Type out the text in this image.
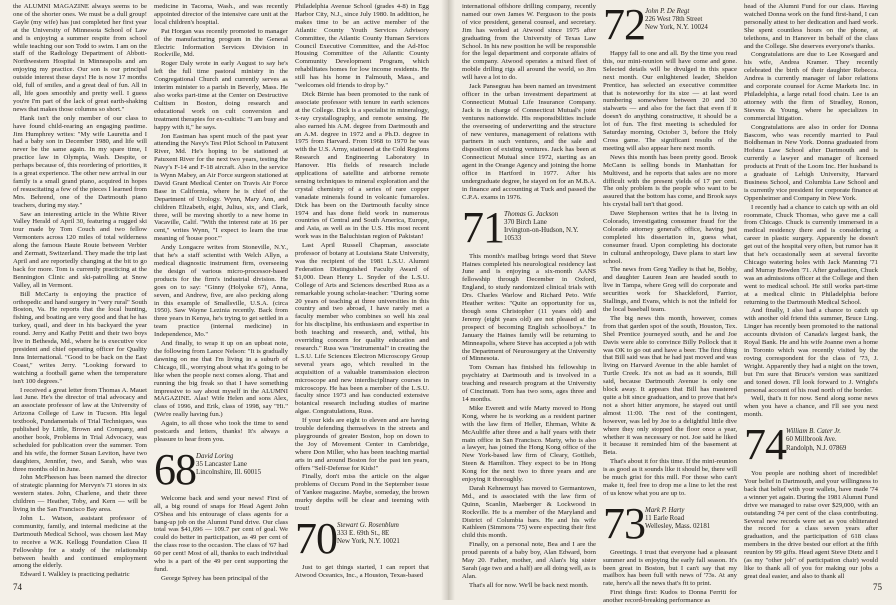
the ALUMNI MAGAZINE always seems to be one of the shorter ones. We must be a dull group! Gayle (my wife) has just completed her first year at the University of Minnesota School of Law and is enjoying a summer respite from school while teaching our son Todd to swim. I am on the staff of the Radiology Department of Abbott-Northwestern Hospital in Minneapolis and am enjoying my practice. Our son is our principal outside interest these days! He is now 17 months old, full of smiles, and a great deal of fun. All in all, life goes smoothly and pretty well. I guess you're I'm part of the lack of great earth-shaking news that makes those columns so short."

Hank isn't the only member of our class to have found child-rearing an engaging pastime. Jim Humphrey writes: "My wife Lauretta and I had a baby son in December 1980, and life will never be the same again. In my spare time, I practice law in Olympia, Wash. Despite, or perhaps because of, this reordering of priorities, it is a great experience. The other new arrival in our family is a small grand piano, acquired in hopes of resuscitating a few of the pieces I learned from Mrs. Behrend, one of the Dartmouth piano teachers, during my stay."

Saw an interesting article in the White River Valley Herald of April 30, featuring a rugged ski tour made by Tom Couch and two fellow Vermonters across 120 miles of total wilderness along the famous Haute Route between Verbier and Zermatt, Switzerland. They made the trip last April and are reportedly changing at the bit to go back for more. Tom is currently practicing at the Bennington Clinic and ski-patrolling at Snow Valley, all in Vermont.

Bill McCarty is enjoying the practice of orthopedic and hand surgery in "very rural" South Boston, Va. He reports that the local hunting, fishing, and boating are very good and that he has turkey, quail, and deer in his backyard the year round. Jerry and Kathy Petitt and their two boys live in Bethesda, Md., where he is executive vice president and chief operating officer for Quality Inns International. "Good to be back on the East Coast," writes Jerry. "Looking forward to watching a football game when the temperature isn't 100 degrees."

I received a great letter from Thomas A. Mauet last June. He's the director of trial advocacy and an associate professor of law at the University of Arizona College of Law in Tucson. His legal textbook, Fundamentals of Trial Techniques, was published by Little, Brown and Company, and another book, Problems in Trial Advocacy, was scheduled for publication over the summer. Tom and his wife, the former Susan Leviton, have two daughters, Jennifer, two, and Sarah, who was three months old in June.

John McPheeson has been named the director of strategic planning for Mervyn's 71 stores in six western states. John, Charlene, and their three children — Heather, Toby, and Kern — will be living in the San Francisco Bay area.

John L. Watson, assistant professor of community, family, and internal medicine at the Dartmouth Medical School, was chosen last May to receive a W.K. Kellogg Foundation Class II Fellowship for a study of the relationship between health and continued employment among the elderly.

Edward I. Walkley is practicing pediatric

medicine in Tacoma, Wash., and was recently appointed director of the intensive care unit at the local children's hospital.

Pat Horgan was recently promoted to manager of the manufacturing program in the General Electric Information Services Division in Rockville, Md.

Roger Daly wrote in early August to say he's left the full time pastoral ministry in the Congregational Church and currently serves as interim minister to a parish in Beverly, Mass. He also works part-time at the Center on Destructive Cultism in Boston, doing research and educational work on cult conversion and treatment therapies for ex-cultists: "I am busy and happy with it," he says.

Jon Eastman has spent much of the past year attending the Navy's Test Pilot School in Patuxent River, Md. He's hoping to be stationed at Patuxent River for the next two years, testing the Navy's F-14 and F-18 aircraft. Also in the service is Wynn Mabey, an Air Force surgeon stationed at David Grant Medical Center on Travis Air Force Base in California, where he is chief of the Department of Urology. Wynn, Mary Ann, and children Elizabeth, eight, Julius, six, and Clark, three, will be moving shortly to a new home in Vacaville, Calif. "With the interest rate at 16 per cent," writes Wynn, "I expect to learn the true meaning of 'house poor.'"

Andy Longacre writes from Stoneville, N.Y., that he's a staff scientist with Welch Allyn, a medical diagnostic instrument firm, overseeing the design of various micro-processor-based products for the firm's industrial division. He goes on to say: "Ginny (Holyoke 67), Anna, seven, and Andrew, five, are also pecking along in this example of Smallsville, U.S.A. (circa 1950). Saw Wayne Lezinia recently. Back from three years in Kenya, he's trying to get settled in a team practice (internal medicine) in Independence, Mo."

And finally, to wrap it up on an upbeat note, the following from Lance Nelson: "It is gradually dawning on me that I'm living in a suburb of Chicago, Ill., worrying about what it's going to be like when the people next comes along. That and running the big freak so that I have something impressive to say about myself in the ALUMNI MAGAZINE. Alas! Wife Helen and sons Alex, class of 1996, and Erik, class of 1998, say "Hi." (We're really having fun.)

Again, to all those who took the time to send postcards and letters, thanks! It's always a pleasure to hear from you.

68 David Loring
35 Lancaster Lane
Lincolnshire, Ill. 60015

Welcome back and send your news! First of all, a big round of snaps for Head Agent John O'Shea and his entourage of class agents for a bang-up job on the Alumni Fund drive. Our class total was $41,696 — 109.7 per cent of goal. We could do better in participation, as 49 per cent of the class rose to the occasion. The class of '67 had 60 per cent! Most of all, thanks to each individual who is a part of the 49 per cent supporting the fund.

George Spivey has been principal of the

Philadelphia Avenue School (grades 4-8) in Egg Harbor City, N.J., since July 1980. In addition, he makes time to be an active member of the Atlantic County Youth Services Advisory Committee, the Atlantic County Human Services Council Executive Committee, and the Ad-Hoc Housing Committee of the Atlantic County Community Development Program, which rehabilitates homes for low income residents. He still has his home in Falmouth, Mass., and "welcomes old friends to drop by."

Dick Birnie has been promoted to the rank of associate professor with tenure in earth sciences at the College. Dick is a specialist in mineralogy, x-ray crystallography, and remote sensing. He also earned his A.M. degree from Dartmouth and an A.M. degree in 1972 and a Ph.D. degree in 1975 from Harvard. From 1968 to 1970 he was with the U.S. Army, stationed at the Cold Regions Research and Engineering Laboratory in Hanover. His fields of research include applications of satellite and airborne remote sensing techniques to mineral exploration and the crystal chemistry of a series of rare copper vanadate minerals found in volcanic fumaroles. Dick has been on the Dartmouth faculty since 1974 and has done field work in numerous countries of Central and South America, Europe, and Asia, as well as in the U.S. His most recent work was in the Baluchistan region of Pakistan!

Last April Russell Chapman, associate professor of botany at Louisiana State University, was the recipient of the 1981 L.S.U. Alumni Federation Distinguished Faculty Award of $1,000. Dean Henry L. Snyder of the L.S.U. College of Arts and Sciences described Russ as a remarkable young scholar-teacher: "During some 20 years of teaching at three universities in this country and two abroad, I have rarely met a faculty member who combines so well his zeal for his discipline, his enthusiasm and expertise in both teaching and research, and, withal, his overriding concern for quality education and research." Russ was "instrumental" in creating the L.S.U. Life Sciences Electron Microscopy Group several years ago, which resulted in the acquisition of a valuable transmission electron microscope and new interdisciplinary courses in microscopy. He has been a member of the L.S.U. faculty since 1973 and has conducted extensive botanical research including studies of marine algae. Congratulations, Russ.

If your kids are eight to eleven and are having trouble defending themselves in the streets and playgrounds of greater Boston, hop on down to the Joy of Movement Center in Cambridge, where Don Miller, who has been teaching martial arts in and around Boston for the past ten years, offers "Self-Defense for Kids!"

Finally, don't miss the article on the algae problems of Occum Pond in the September issue of Yankee magazine. Maybe, someday, the brown murky depths will be clear and teeming with trout!

70 Stewart G. Rosenblum
333 E. 69th St., 8E
New York, N.Y. 10021

Just to get things started, I can report that Atwood Oceanics, Inc., a Houston, Texas-based

74

international offshore drilling company, recently named our own James W. Ferguson to the posts of vice president, general counsel, and secretary. Jim has worked at Atwood since 1975 after graduating from the University of Texas Law School. In his new position he will be responsible for the legal department and corporate affairs of the company. Atwood operates a mixed fleet of mobile drilling rigs all around the world, so Jim will have a lot to do.

Jack Pansegrau has been named an investment officer in the urban investment department at Connecticut Mutual Life Insurance Company. Jack is in charge of Connecticut Mutual's joint ventures nationwide. His responsibilities include the overseeing of underwriting and the structure of new ventures, management of relations with partners in such ventures, and the sale and disposition of existing ventures. Jack has been at Connecticut Mutual since 1972, starting as an agent in the Orange Agency and joining the home office in Hartford in 1977. After his undergraduate degree, he stayed on for an M.B.A. in finance and accounting at Tuck and passed the C.P.A. exams in 1976.

71 Thomas G. Jackson
370 Birch Lane
Irvington-on-Hudson, N.Y. 10533

This month's mailbag brings word that Steve Haines completed his neurological residency last June and is enjoying a six-month AANS fellowship through December in Oxford, England, to study randomized clinical trials with Drs. Charles Warlow and Richard Peto. Wife Heather writes: "Quite an opportunity for us, though sons Christopher (11 years old) and Jeremy (eight years old) are not pleased at the prospect of becoming English schoolboys." In January the Haines family will be returning to Minneapolis, where Steve has accepted a job with the Department of Neurosurgery at the University of Minnesota.

Tom Osman has finished his fellowship in psychiatry at Dartmouth and is involved in a teaching and research program at the University of Cincinnati. Tom has two sons, ages three and 14 months.

Mike Everett and wife Marty moved to Hong Kong, where he is working as a resident partner with the law firm of Heller, Ehrman, White & McAuliffe after three and a half years with their main office in San Francisco. Marty, who is also a lawyer, has joined the Hong Kong office of the New York-based law firm of Cleary, Gottlieb, Steen & Hamilton. They expect to be in Hong Kong for the next two to three years and are enjoying it thoroughly.

Darah Kehnemuyi has moved to Germantown, Md., and is associated with the law firm of Quinn, Scanlin, Maeberger & Lockwood in Rockville. He is a member of the Maryland and District of Columbia bars. He and his wife Kathleen (Simmons '75) were expecting their first child this month.

Finally, on a personal note, Bea and I are the proud parents of a baby boy, Alan Edward, born May 20. Father, mother, and Alan's big sister Sarah (age two and a half) are all doing well, as is Alan.

That's all for now. We'll be back next month.

72 John P. De Regt
226 West 78th Street
New York, N.Y. 10024

Happy fall to one and all. By the time you read this, our mini-reunion will have come and gone. Selected details will be divulged in this space next month. Our enlightened leader, Sheldon Prentice, has selected an executive committee that is noteworthy for its size — at last word numbering somewhere between 20 and 30 stalwarts — and also for the fact that even if it doesn't do anything constructive, it should be a lot of fun. The first meeting is scheduled for Saturday morning, October 3, before the Holy Cross game. The significant results of the meeting will also appear here next month.

News this month has been pretty good. Brook McCann is selling bonds in Manhattan for Multivest, and he reports that sales are no more difficult with the present yields of 17 per cent. The only problem is the people who want to be assured that the bottom has come, and Brook says his crystal ball isn't that good.

Dave Stephenson writes that he is living in Colorado, investigating consumer fraud for the Colorado attorney general's office, having just completed his dissertation in, guess what, consumer fraud. Upon completing his doctorate in cultural anthropology, Dave plans to start law school.

The news from Greg Yadley is that he, Bobby, and daughter Lauren Jean are headed south to live in Tampa, where Greg will do corporate and securities work for Shackleford, Farrior, Stallings, and Evans, which is not the infield for the local baseball team.

The big news this month, however, comes from that garden spot of the south, Houston, Tex. Shel Prentice journeyed south, and he and Joe Davis were able to convince Billy Pollock that it was OK to go out and have a beer. The first thing that Bill said was that he had just moved and was living on Harvard Avenue in the able hamlet of Turtle Creek. It's not as bad as it sounds, Bill said, because Dartmouth Avenue is only one block away. It appears that Bill has mastered quite a bit since graduation, and to prove that he's not a short hitter anymore, he stayed out until almost 11:00. The rest of the contingent, however, was led by Joe to a delightful little dive where they only stopped the floor once a year, whether it was necessary or not. Joe said he liked it because it reminded him of the basement at Beta.

That's about it for this time. If the mini-reunion is as good as it sounds like it should be, there will be much grist for this mill. For those who can't make it, feel free to drop me a line to let the rest of us know what you are up to.

73 Mark P. Harty
11 Earle Road
Wellesley, Mass. 02181

Greetings. I trust that everyone had a pleasant summer and is enjoying the early fall season. It's been great in Boston, but I can't say that my mailbox has been full with news of '73s. At any rate, here's all the news that's fit to print.

First things first: Kudos to Donna Ferriti for another record-breaking performance as

head of the Alumni Fund for our class. Having watched Donna work on the fund first-hand, I can personally attest to her dedication and hard work. She spent countless hours on the phone, at telethons, and in Hanover in behalf of the class and the College. She deserves everyone's thanks.

Congratulations are due to Lee Kosegard and his wife, Andrea Kramer. They recently celebrated the birth of their daughter Rebecca. Andrea is currently manager of labor relations and corporate counsel for Acme Markets Inc. in Philadelphia, a large retail food chain. Lee is an attorney with the firm of Stradley, Ronon, Stevens & Young, where he specializes in commercial litigation.

Congratulations are also in order for Donna Bascom, who was recently married to Paul Boldheman in New York. Donna graduated from Hofstra Law School after Dartmouth and is currently a lawyer and manager of licensed products at Fruit of the Loom Inc. Her husband is a graduate of Lehigh University, Harvard Business School, and Columbia Law School and is currently vice president for corporate finance at Oppenheimer and Company in New York.

I recently had a chance to catch up with an old roommate, Chuck Thomas, who gave me a call from Chicago. Chuck is currently immersed in a medical residency there and is considering a career in plastic surgery. Apparently he doesn't get out of the hospital very often, but rumor has it that he's occasionally seen at several favorite Chicago watering holes with Jack Manning '71 and Murray Bowden '71. After graduation, Chuck was an admissions officer at the College and then went to medical school. He still works part-time at a medical clinic in Philadelphia before returning to the Dartmouth Medical School.

And finally, I also had a chance to catch up with another old friend this summer, Bruce Ling. Linger has recently been promoted to the national accounts division of Canada's largest bank, the Royal Bank. He and his wife Joanne own a home in Toronto which was recently visited by the roving correspondent for the class of '73, J. Wright. Apparently they had a night on the town, but I'm sure that Bruce's version was sanitized and toned down. I'll look forward to J. Wright's personal account of his road north of the border.

Well, that's it for now. Send along some news when you have a chance, and I'll see you next month.

74 William B. Cater Jr.
60 Millbrook Ave.
Randolph, N.J. 07869

You people are nothing short of incredible! Your belief in Dartmouth, and your willingness to back that belief with your wallets, have made '74 a winner yet again. During the 1981 Alumni Fund drive we managed to raise over $29,000, with an outstanding 74 per cent of the class contributing. Several new records were set as you obliterated the record for a class seven years after graduation, and the participation of 618 class members in the drive bested our effort at the fifth reunion by 99 gifts. Head agent Steve Dietz and I (as my "other job" of participation chair) would like to thank all of you for making our jobs a great deal easier, and also to thank all

75
